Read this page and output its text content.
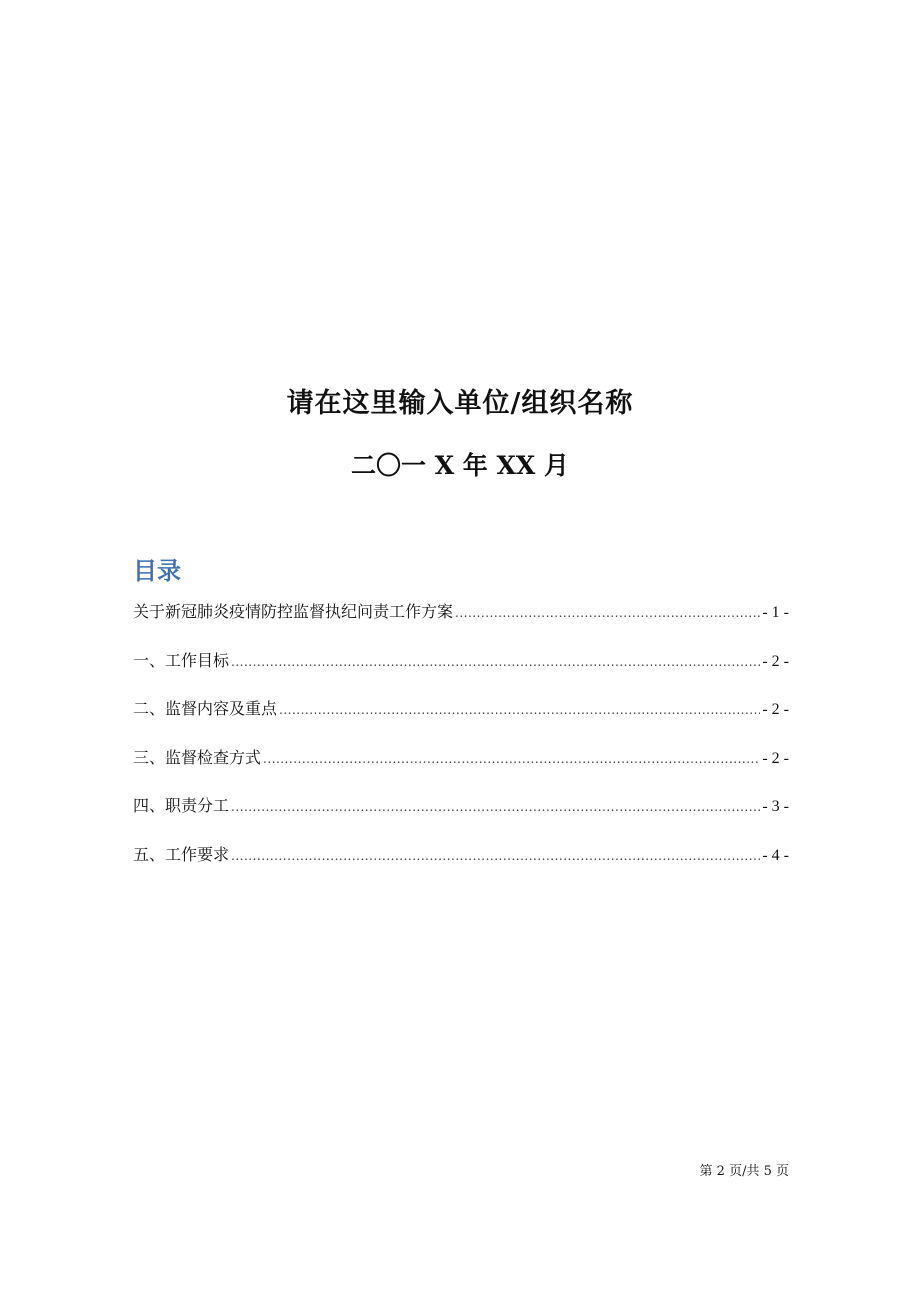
请在这里输入单位/组织名称
二〇一 X 年 XX 月
目录
关于新冠肺炎疫情防控监督执纪问责工作方案 .....	- 1 -
一、工作目标 .....	- 2 -
二、监督内容及重点 .....	- 2 -
三、监督检查方式 .....	- 2 -
四、职责分工 .....	- 3 -
五、工作要求 .....	- 4 -
第 2 页/共 5 页
